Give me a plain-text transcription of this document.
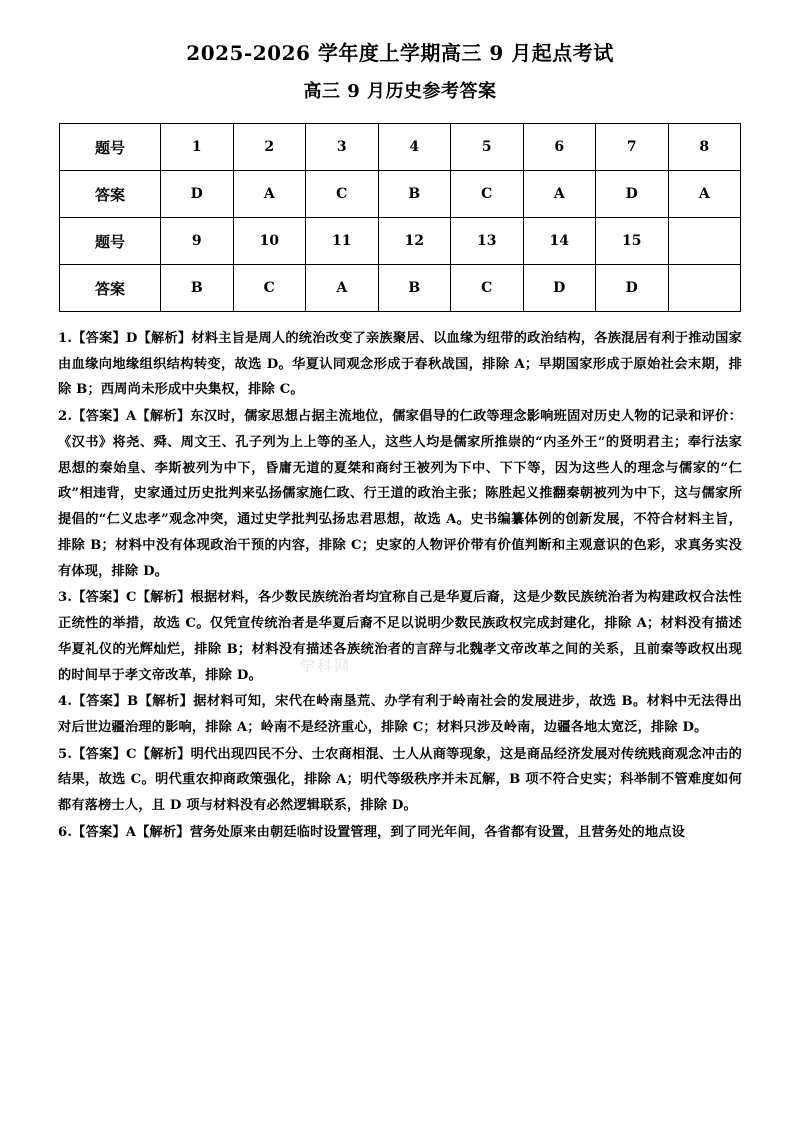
2025-2026 学年度上学期高三 9 月起点考试
高三 9 月历史参考答案
题号	1	2	3	4	5	6	7	8
答案	D	A	C	B	C	A	D	A
题号	9	10	11	12	13	14	15	
答案	B	C	A	B	C	D	D	

1.【答案】D【解析】材料主旨是周人的统治改变了亲族聚居、以血缘为纽带的政治结构，各族混居有利于推动国家由血缘向地缘组织结构转变，故选 D。华夏认同观念形成于春秋战国，排除 A；早期国家形成于原始社会末期，排除 B；西周尚未形成中央集权，排除 C。

2.【答案】A【解析】东汉时，儒家思想占据主流地位，儒家倡导的仁政等理念影响班固对历史人物的记录和评价：《汉书》将尧、舜、周文王、孔子列为上上等的圣人，这些人均是儒家所推崇的“内圣外王”的贤明君主；奉行法家思想的秦始皇、李斯被列为中下，昏庸无道的夏桀和商纣王被列为下中、下下等，因为这些人的理念与儒家的“仁政”相违背，史家通过历史批判来弘扬儒家施仁政、行王道的政治主张；陈胜起义推翻秦朝被列为中下，这与儒家所提倡的“仁义忠孝”观念冲突，通过史学批判弘扬忠君思想，故选 A。史书编纂体例的创新发展，不符合材料主旨，排除 B；材料中没有体现政治干预的内容，排除 C；史家的人物评价带有价值判断和主观意识的色彩，求真务实没有体现，排除 D。

3.【答案】C【解析】根据材料，各少数民族统治者均宜称自己是华夏后裔，这是少数民族统治者为构建政权合法性正统性的举措，故选 C。仅凭宣传统治者是华夏后裔不足以说明少数民族政权完成封建化，排除 A；材料没有描述华夏礼仪的光辉灿烂，排除 B；材料没有描述各族统治者的言辞与北魏孝文帝改革之间的关系，且前秦等政权出现的时间早于孝文帝改革，排除 D。

4.【答案】B【解析】据材料可知，宋代在岭南垦荒、办学有利于岭南社会的发展进步，故选 B。材料中无法得出对后世边疆治理的影响，排除 A；岭南不是经济重心，排除 C；材料只涉及岭南，边疆各地太宽泛，排除 D。

5.【答案】C【解析】明代出现四民不分、士农商相混、士人从商等现象，这是商品经济发展对传统贱商观念冲击的结果，故选 C。明代重农抑商政策强化，排除 A；明代等级秩序并未瓦解，B 项不符合史实；科举制不管难度如何都有落榜士人，且 D 项与材料没有必然逻辑联系，排除 D。

6.【答案】A【解析】营务处原来由朝廷临时设置管理，到了同光年间，各省都有设置，且营务处的地点设

学科网
